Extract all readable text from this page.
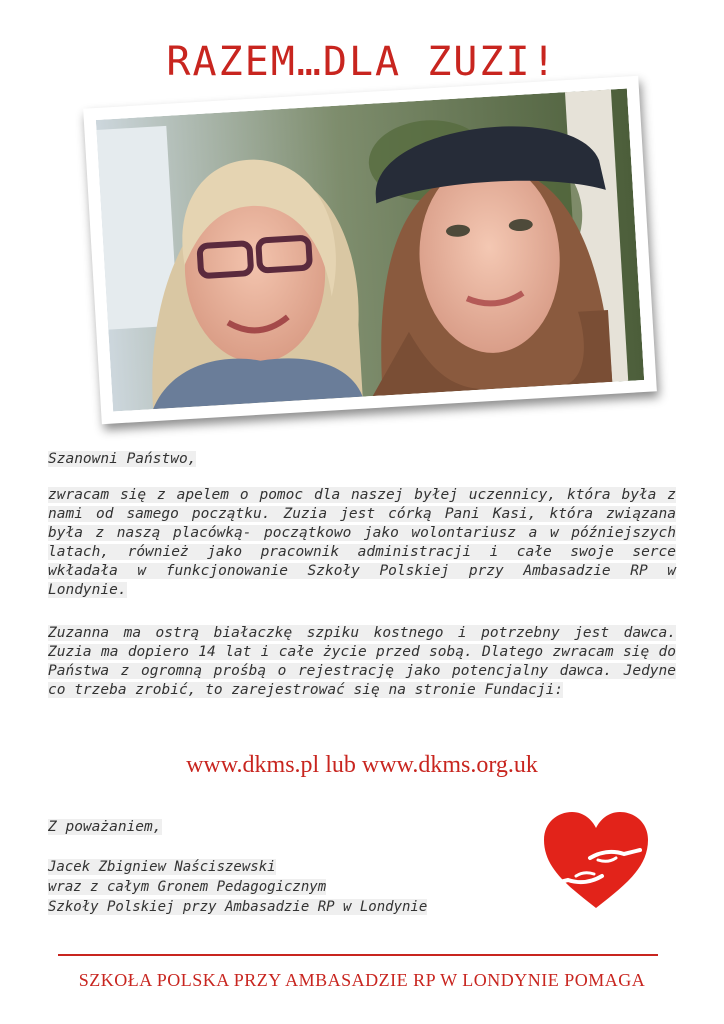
RAZEM…DLA ZUZI!

Szanowni Państwo,

zwracam się z apelem o pomoc dla naszej byłej uczennicy, która była z nami od samego początku. Zuzia jest córką Pani Kasi, która związana była z naszą placówką- początkowo jako wolontariusz a w późniejszych latach, również jako pracownik administracji i całe swoje serce wkładała w funkcjonowanie Szkoły Polskiej przy Ambasadzie RP w Londynie.

Zuzanna ma ostrą białaczkę szpiku kostnego i potrzebny jest dawca. Zuzia ma dopiero 14 lat i całe życie przed sobą. Dlatego zwracam się do Państwa z ogromną prośbą o rejestrację jako potencjalny dawca. Jedyne co trzeba zrobić, to zarejestrować się na stronie Fundacji:

www.dkms.pl lub www.dkms.org.uk

Z poważaniem,

Jacek Zbigniew Naściszewski
wraz z całym Gronem Pedagogicznym
Szkoły Polskiej przy Ambasadzie RP w Londynie
SZKOŁA POLSKA PRZY AMBASADZIE RP W LONDYNIE POMAGA
